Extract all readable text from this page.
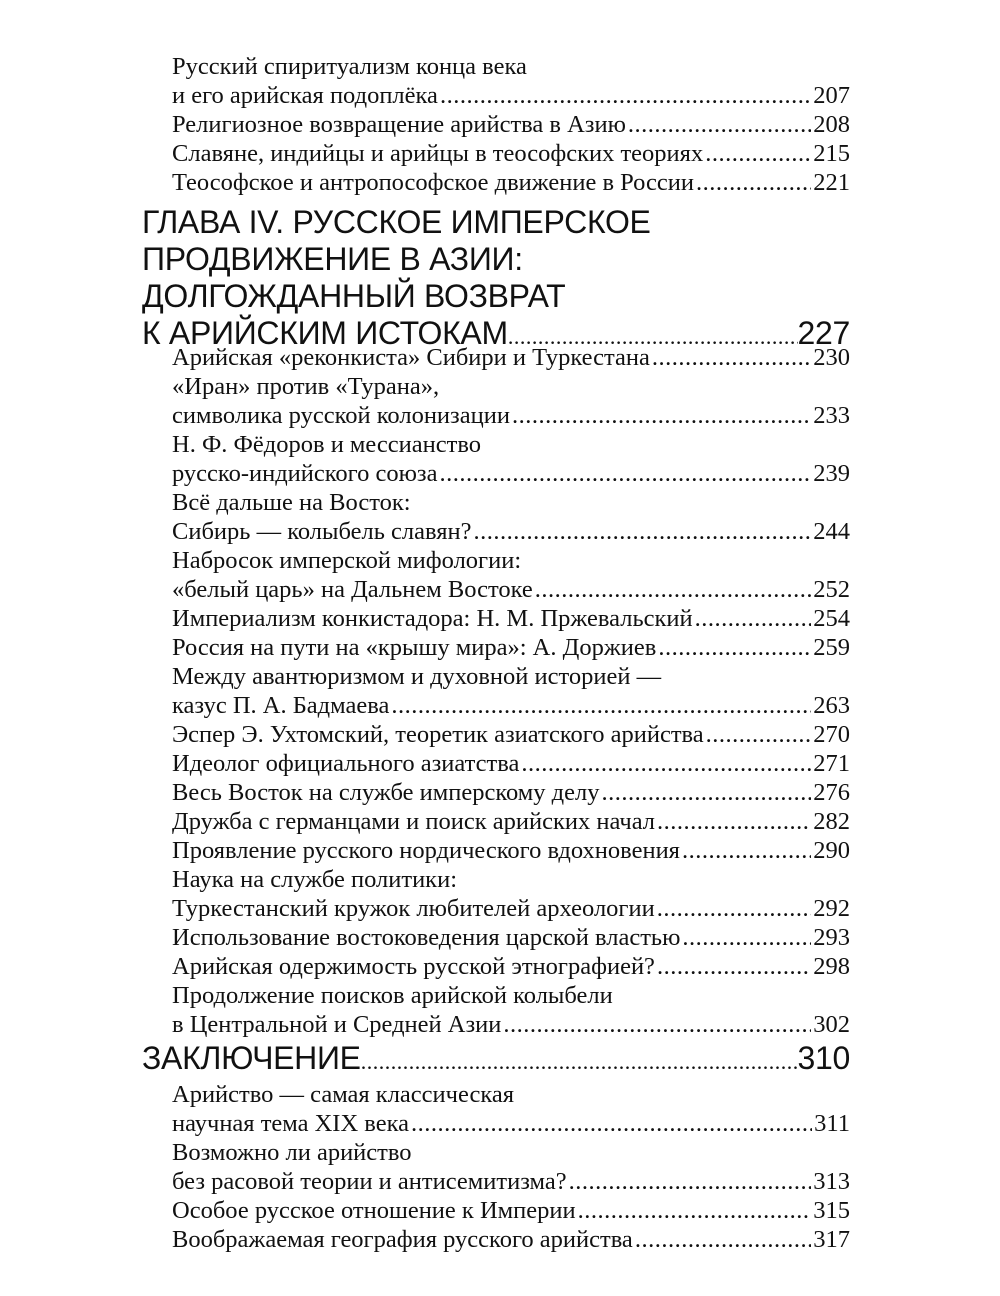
Русский спиритуализм конца века
и его арийская подоплёка .....	207
Религиозное возвращение арийства в Азию .....	208
Славяне, индийцы и арийцы в теософских теориях .....	215
Теософское и антропософское движение в России .....	221
ГЛАВА IV. РУССКОЕ ИМПЕРСКОЕ
ПРОДВИЖЕНИЕ В АЗИИ:
ДОЛГОЖДАННЫЙ ВОЗВРАТ
К АРИЙСКИМ ИСТОКАМ .....	227
Арийская «реконкиста» Сибири и Туркестана .....	230
«Иран» против «Турана»,
символика русской колонизации .....	233
Н. Ф. Фёдоров и мессианство
русско-индийского союза .....	239
Всё дальше на Восток:
Сибирь — колыбель славян? .....	244
Набросок имперской мифологии:
«белый царь» на Дальнем Востоке .....	252
Империализм конкистадора: Н. М. Пржевальский .....	254
Россия на пути на «крышу мира»: А. Доржиев .....	259
Между авантюризмом и духовной историей —
казус П. А. Бадмаева .....	263
Эспер Э. Ухтомский, теоретик азиатского арийства .....	270
Идеолог официального азиатства .....	271
Весь Восток на службе имперскому делу .....	276
Дружба с германцами и поиск арийских начал .....	282
Проявление русского нордического вдохновения .....	290
Наука на службе политики:
Туркестанский кружок любителей археологии .....	292
Использование востоковедения царской властью .....	293
Арийская одержимость русской этнографией? .....	298
Продолжение поисков арийской колыбели
в Центральной и Средней Азии .....	302
ЗАКЛЮЧЕНИЕ .....	310
Арийство — самая классическая
научная тема XIX века .....	311
Возможно ли арийство
без расовой теории и антисемитизма? .....	313
Особое русское отношение к Империи .....	315
Воображаемая география русского арийства .....	317
